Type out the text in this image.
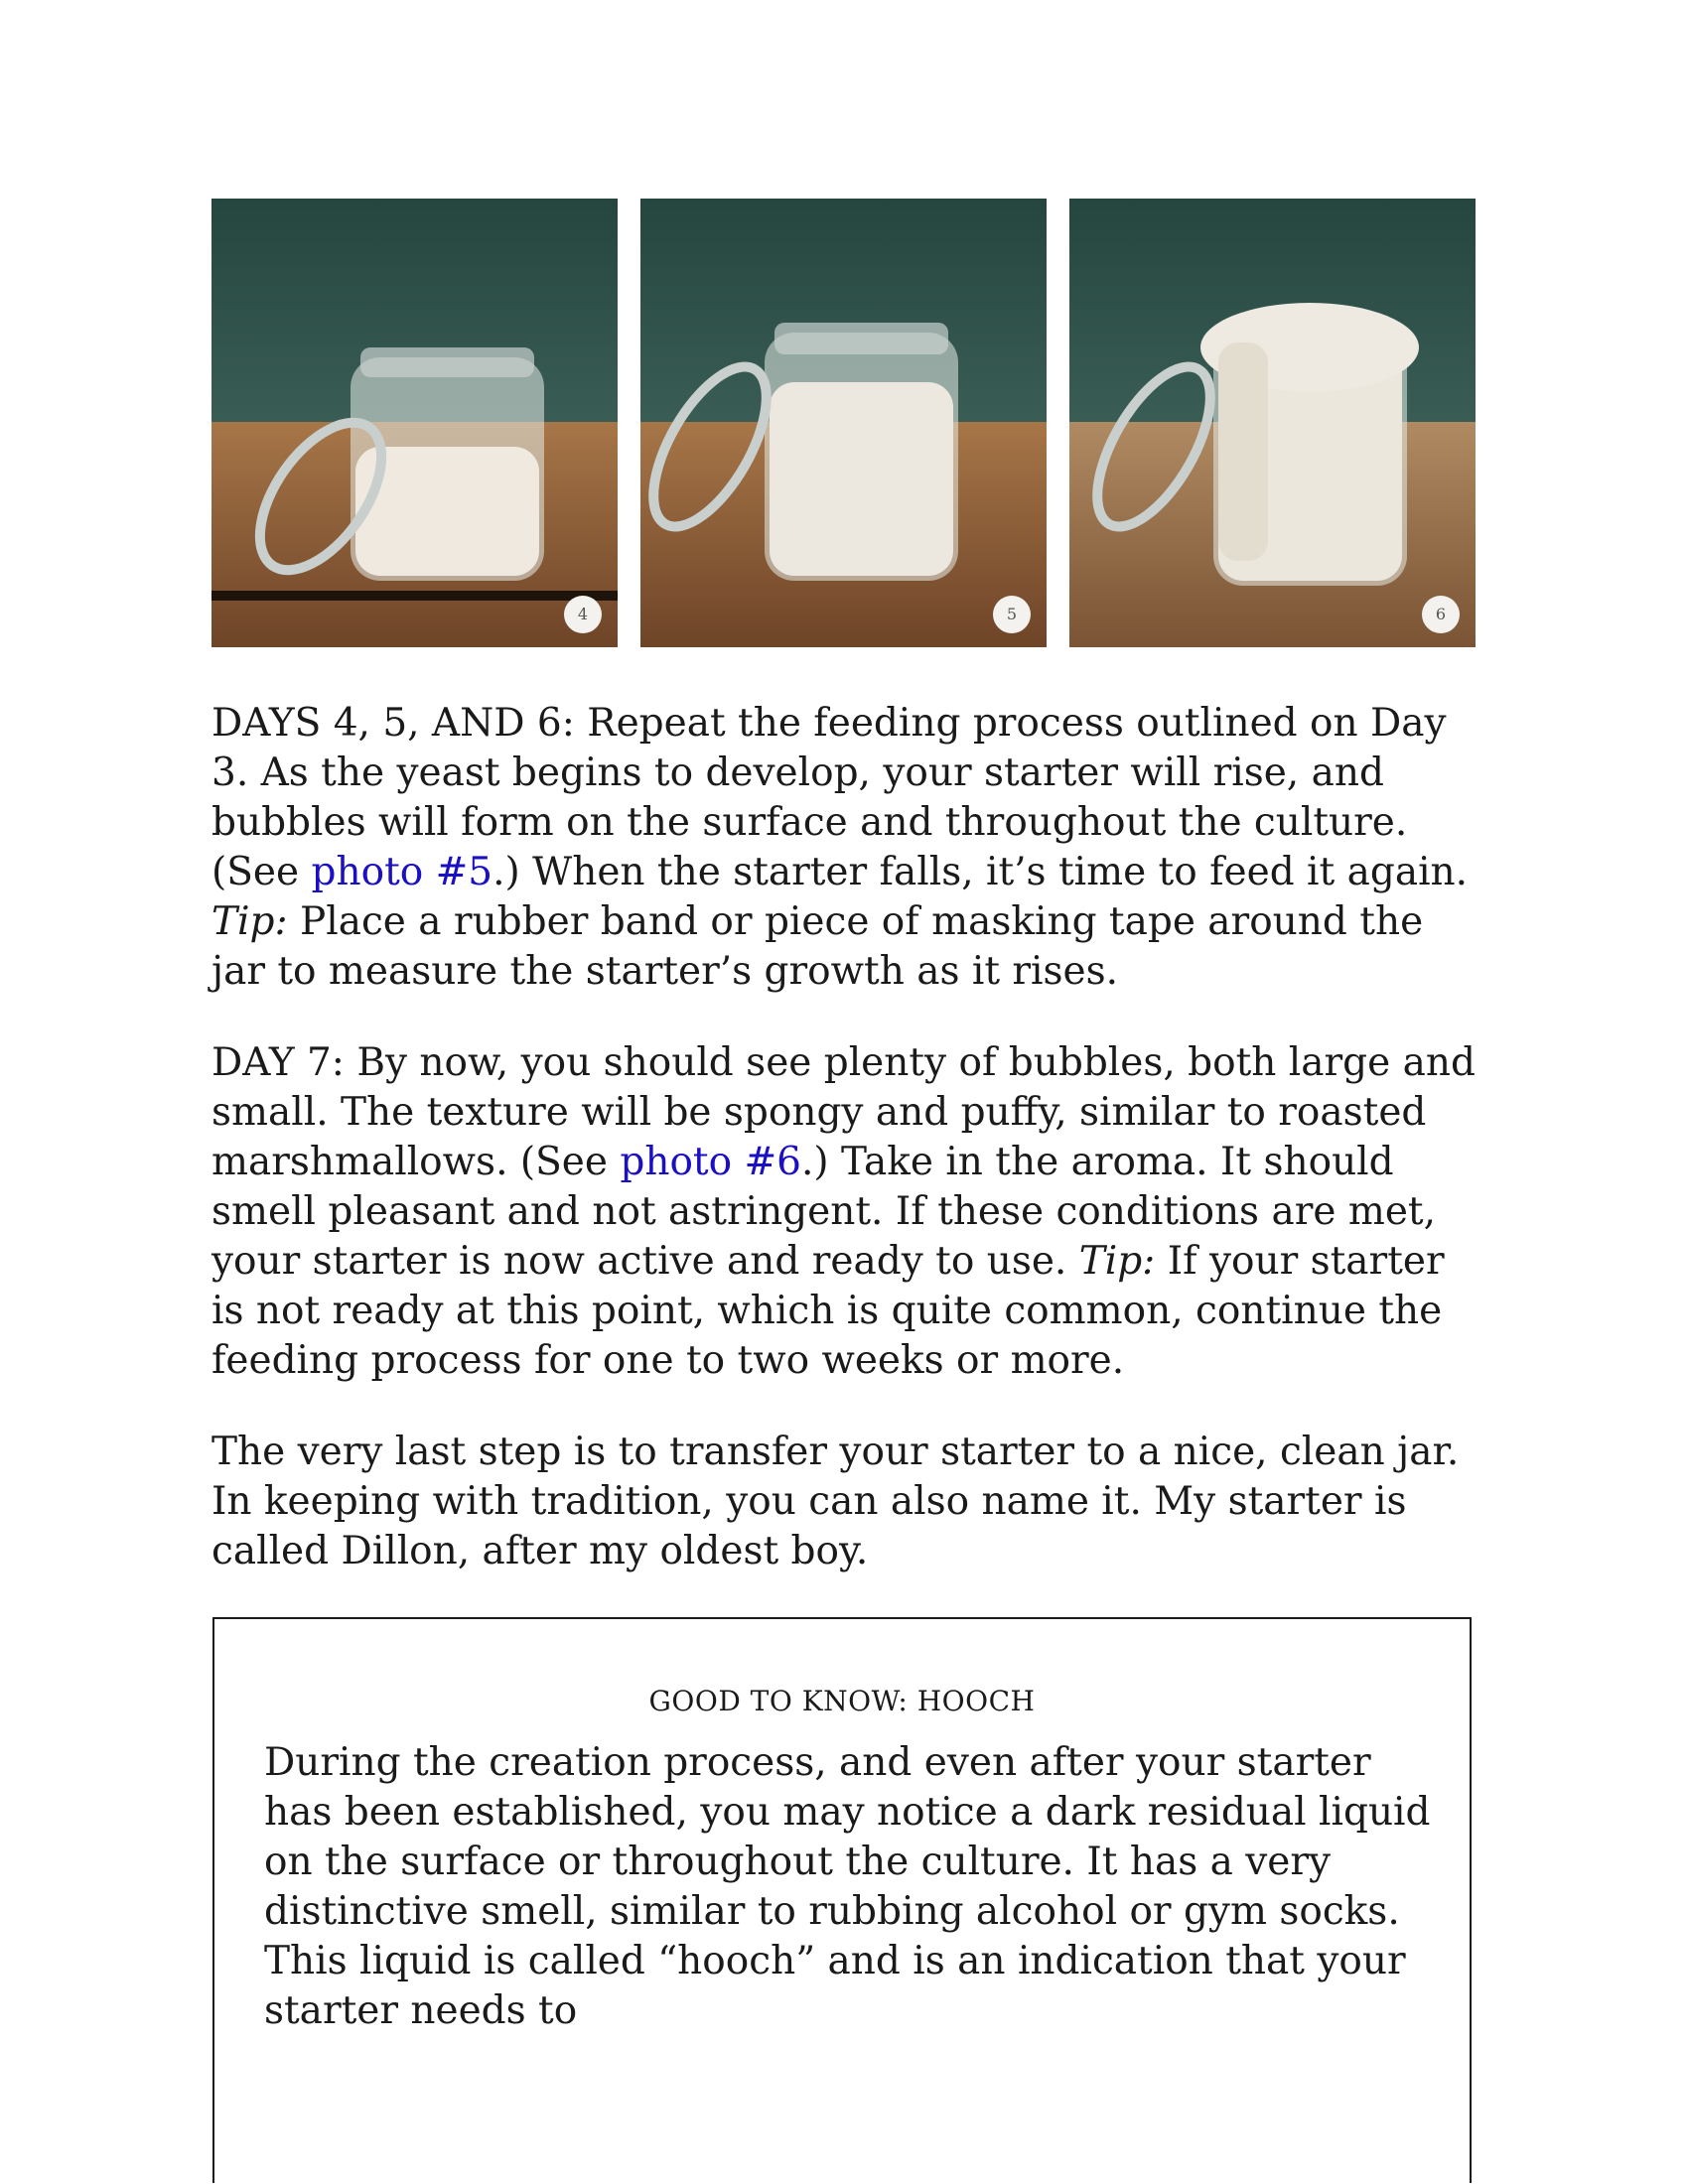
4	5	6

DAYS 4, 5, AND 6: Repeat the feeding process outlined on Day 3. As the yeast begins to develop, your starter will rise, and bubbles will form on the surface and throughout the culture. (See photo #5.) When the starter falls, it’s time to feed it again. Tip: Place a rubber band or piece of masking tape around the jar to measure the starter’s growth as it rises.

DAY 7: By now, you should see plenty of bubbles, both large and small. The texture will be spongy and puffy, similar to roasted marshmallows. (See photo #6.) Take in the aroma. It should smell pleasant and not astringent. If these conditions are met, your starter is now active and ready to use. Tip: If your starter is not ready at this point, which is quite common, continue the feeding process for one to two weeks or more.

The very last step is to transfer your starter to a nice, clean jar. In keeping with tradition, you can also name it. My starter is called Dillon, after my oldest boy.

GOOD TO KNOW: HOOCH
During the creation process, and even after your starter has been established, you may notice a dark residual liquid on the surface or throughout the culture. It has a very distinctive smell, similar to rubbing alcohol or gym socks. This liquid is called “hooch” and is an indication that your starter needs to
